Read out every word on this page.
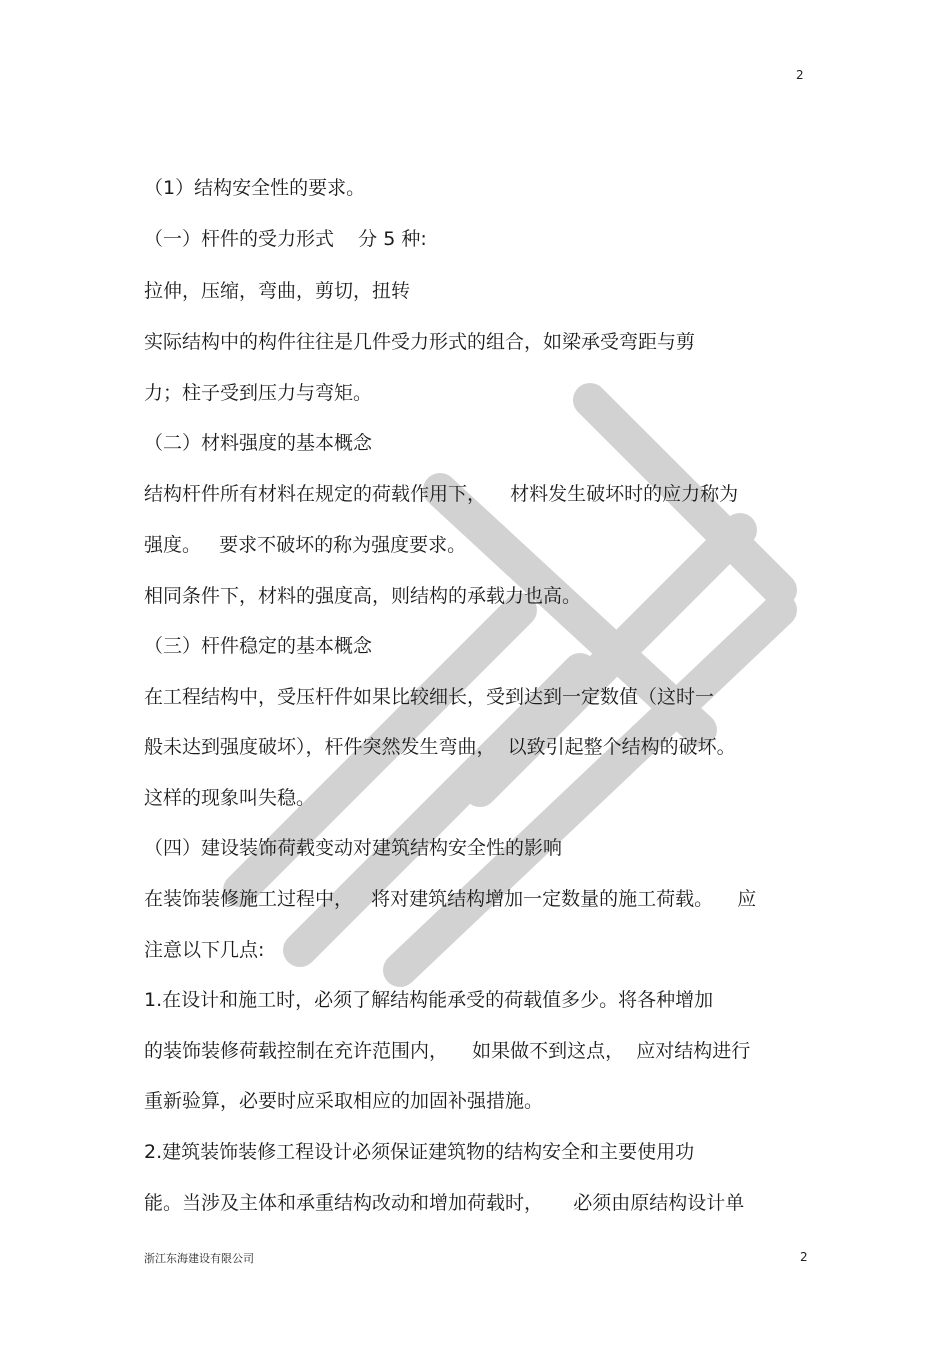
2
（1）结构安全性的要求。
（一）杆件的受力形式    分 5 种:
拉伸，压缩，弯曲，剪切，扭转
实际结构中的构件往往是几件受力形式的组合，如梁承受弯距与剪
力；柱子受到压力与弯矩。
（二）材料强度的基本概念
结构杆件所有材料在规定的荷载作用下，    材料发生破坏时的应力称为
强度。   要求不破坏的称为强度要求。
相同条件下，材料的强度高，则结构的承载力也高。
（三）杆件稳定的基本概念
在工程结构中，受压杆件如果比较细长，受到达到一定数值（这时一
般未达到强度破坏），杆件突然发生弯曲，  以致引起整个结构的破坏。
这样的现象叫失稳。
（四）建设装饰荷载变动对建筑结构安全性的影响
在装饰装修施工过程中，   将对建筑结构增加一定数量的施工荷载。    应
注意以下几点:
1.在设计和施工时，必须了解结构能承受的荷载值多少。将各种增加
的装饰装修荷载控制在充许范围内，    如果做不到这点，  应对结构进行
重新验算，必要时应采取相应的加固补强措施。
2.建筑装饰装修工程设计必须保证建筑物的结构安全和主要使用功
能。当涉及主体和承重结构改动和增加荷载时，     必须由原结构设计单
浙江东海建设有限公司	2
